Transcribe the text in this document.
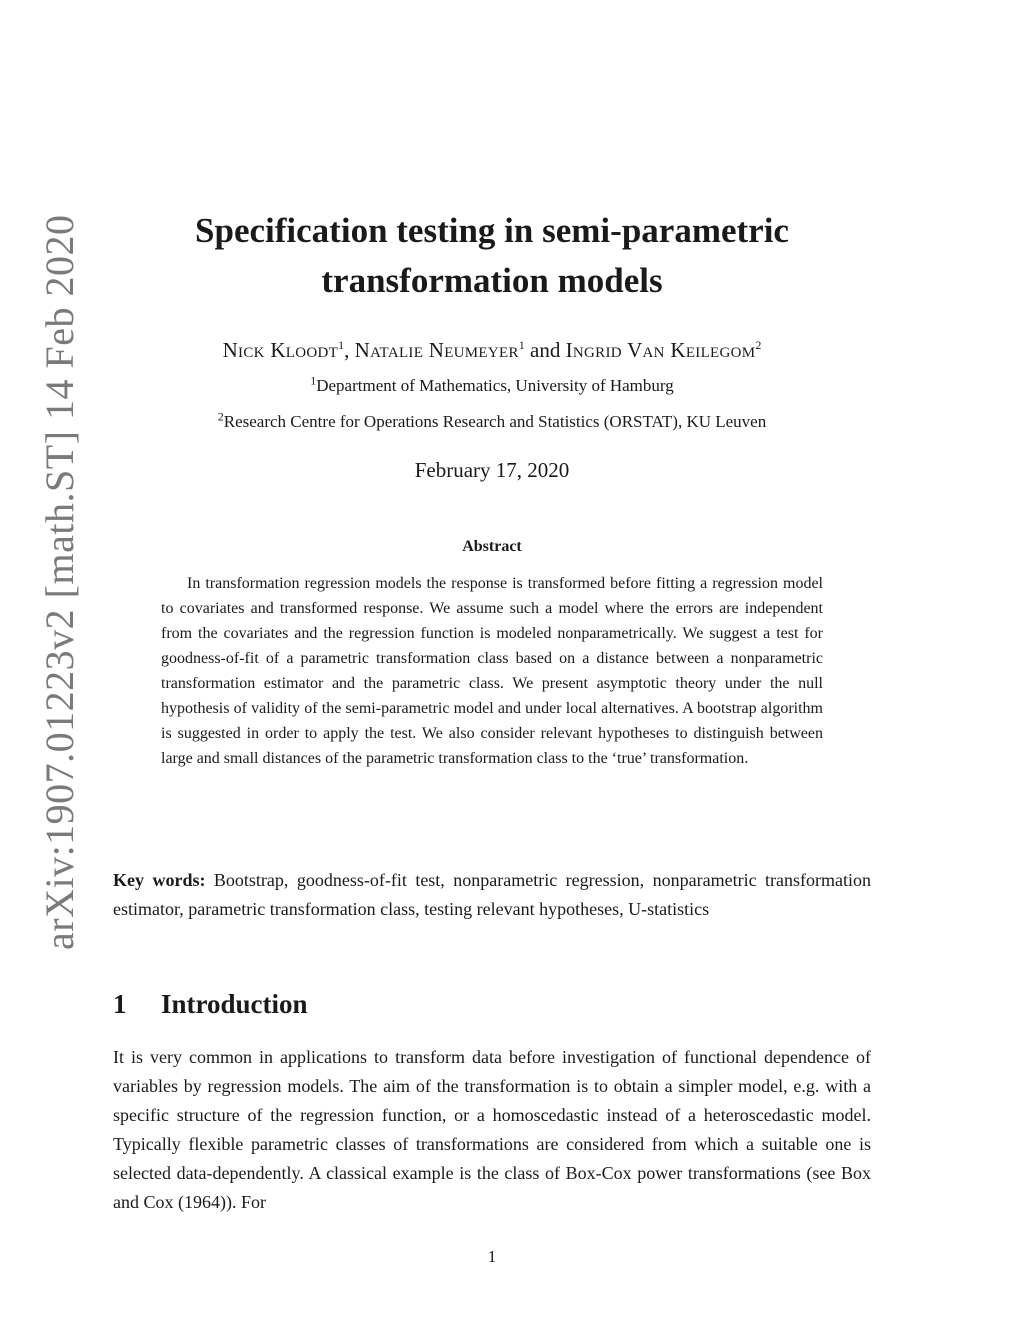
arXiv:1907.01223v2 [math.ST] 14 Feb 2020	Specification testing in semi-parametric transformation models
Nick Kloodt$^1$, Natalie Neumeyer$^1$ and Ingrid Van Keilegom$^2$
$^1$Department of Mathematics, University of Hamburg
$^2$Research Centre for Operations Research and Statistics (ORSTAT), KU Leuven
February 17, 2020
Abstract

In transformation regression models the response is transformed before fitting a regression model to covariates and transformed response. We assume such a model where the errors are independent from the covariates and the regression function is modeled nonparametrically. We suggest a test for goodness-of-fit of a parametric transformation class based on a distance between a nonparametric transformation estimator and the parametric class. We present asymptotic theory under the null hypothesis of validity of the semi-parametric model and under local alternatives. A bootstrap algorithm is suggested in order to apply the test. We also consider relevant hypotheses to distinguish between large and small distances of the parametric transformation class to the ‘true’ transformation.

Key words: Bootstrap, goodness-of-fit test, nonparametric regression, nonparametric transformation estimator, parametric transformation class, testing relevant hypotheses, U-statistics

1 Introduction

It is very common in applications to transform data before investigation of functional dependence of variables by regression models. The aim of the transformation is to obtain a simpler model, e.g. with a specific structure of the regression function, or a homoscedastic instead of a heteroscedastic model. Typically flexible parametric classes of transformations are considered from which a suitable one is selected data-dependently. A classical example is the class of Box-Cox power transformations (see Box and Cox (1964)). For

1
